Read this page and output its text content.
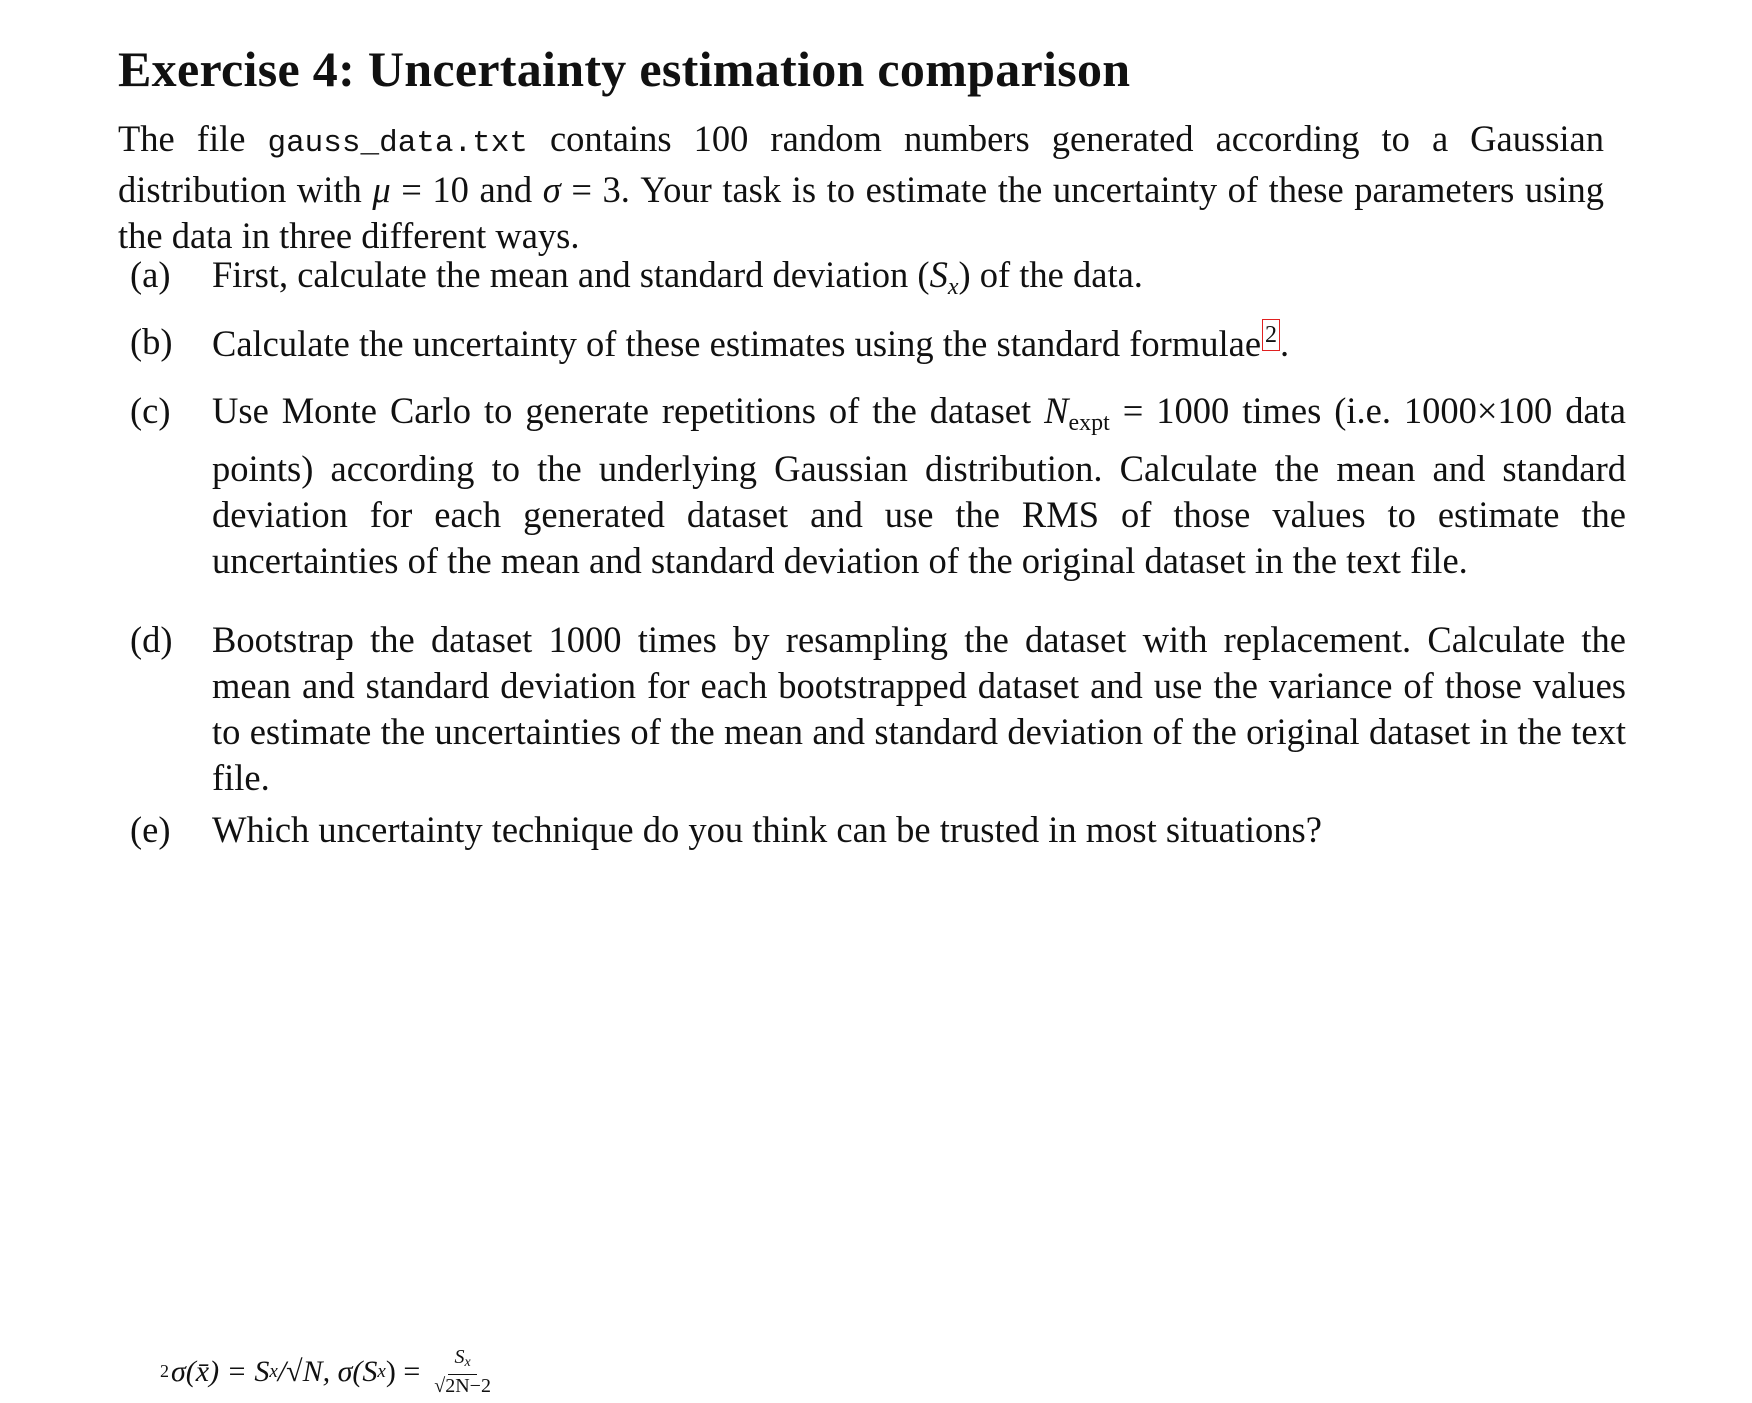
Exercise 4: Uncertainty estimation comparison
The file gauss_data.txt contains 100 random numbers generated according to a Gaussian distribution with μ = 10 and σ = 3. Your task is to estimate the uncertainty of these parameters using the data in three different ways.
(a)	First, calculate the mean and standard deviation (Sx) of the data.
(b)	Calculate the uncertainty of these estimates using the standard formulae 2.
(c)	Use Monte Carlo to generate repetitions of the dataset $N_{expt} = 1000$ times (i.e. 1000×100 data points) according to the underlying Gaussian distribution. Calculate the mean and standard deviation for each generated dataset and use the RMS of those values to estimate the uncertainties of the mean and standard deviation of the original dataset in the text file.
(d)	Bootstrap the dataset 1000 times by resampling the dataset with replacement. Calculate the mean and standard deviation for each bootstrapped dataset and use the variance of those values to estimate the uncertainties of the mean and standard deviation of the original dataset in the text file.
(e)	Which uncertainty technique do you think can be trusted in most situations?
2 σ(x̄) = S x /√N, σ(S x ) = $\frac{Sx}{√2N-2}$
